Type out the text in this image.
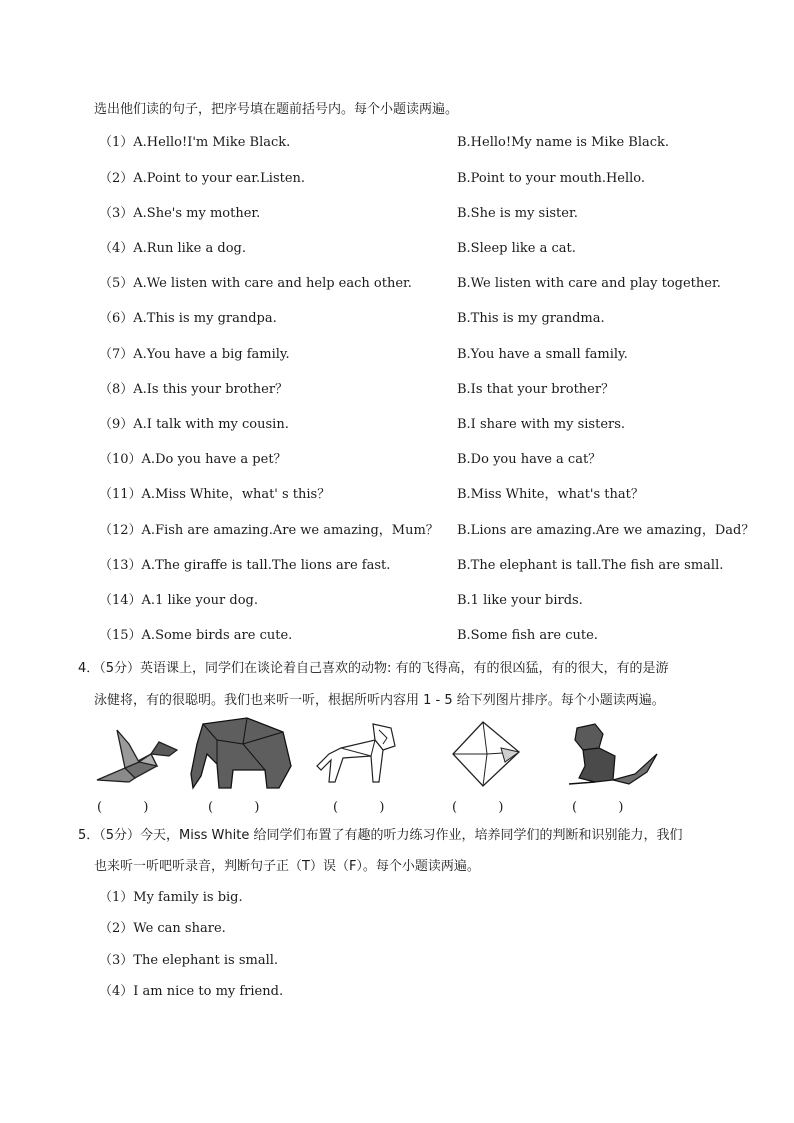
选出他们读的句子，把序号填在题前括号内。每个小题读两遍。
（1）A.Hello!I'm Mike Black.	B.Hello!My name is Mike Black.
（2）A.Point to your ear.Listen.	B.Point to your mouth.Hello.
（3）A.She's my mother.	B.She is my sister.
（4）A.Run like a dog.	B.Sleep like a cat.
（5）A.We listen with care and help each other.	B.We listen with care and play together.
（6）A.This is my grandpa.	B.This is my grandma.
（7）A.You have a big family.	B.You have a small family.
（8）A.Is this your brother？	B.Is that your brother？
（9）A.I talk with my cousin.	B.I share with my sisters.
（10）A.Do you have a pet？	B.Do you have a cat？
（11）A.Miss White，what' s this？	B.Miss White，what's that？
（12）A.Fish are amazing.Are we amazing，Mum？ B.Lions are amazing.Are we amazing，Dad？
（13）A.The giraffe is tall.The lions are fast.	B.The elephant is tall.The fish are small.
（14）A.1 like your dog.	B.1 like your birds.
（15）A.Some birds are cute.	B.Some fish are cute.
4．（5分）英语课上，同学们在谈论着自己喜欢的动物: 有的飞得高，有的很凶猛，有的很大，有的是游
泳健将，有的很聪明。我们也来听一听，根据所听内容用 1 - 5 给下列图片排序。每个小题读两遍。
(          )	(          )	(          )	(          )	(          )
5．（5分）今天，Miss White 给同学们布置了有趣的听力练习作业，培养同学们的判断和识别能力，我们
也来听一听吧听录音，判断句子正（T）误（F）。每个小题读两遍。
（1）My family is big.
（2）We can share.
（3）The elephant is small.
（4）I am nice to my friend.
